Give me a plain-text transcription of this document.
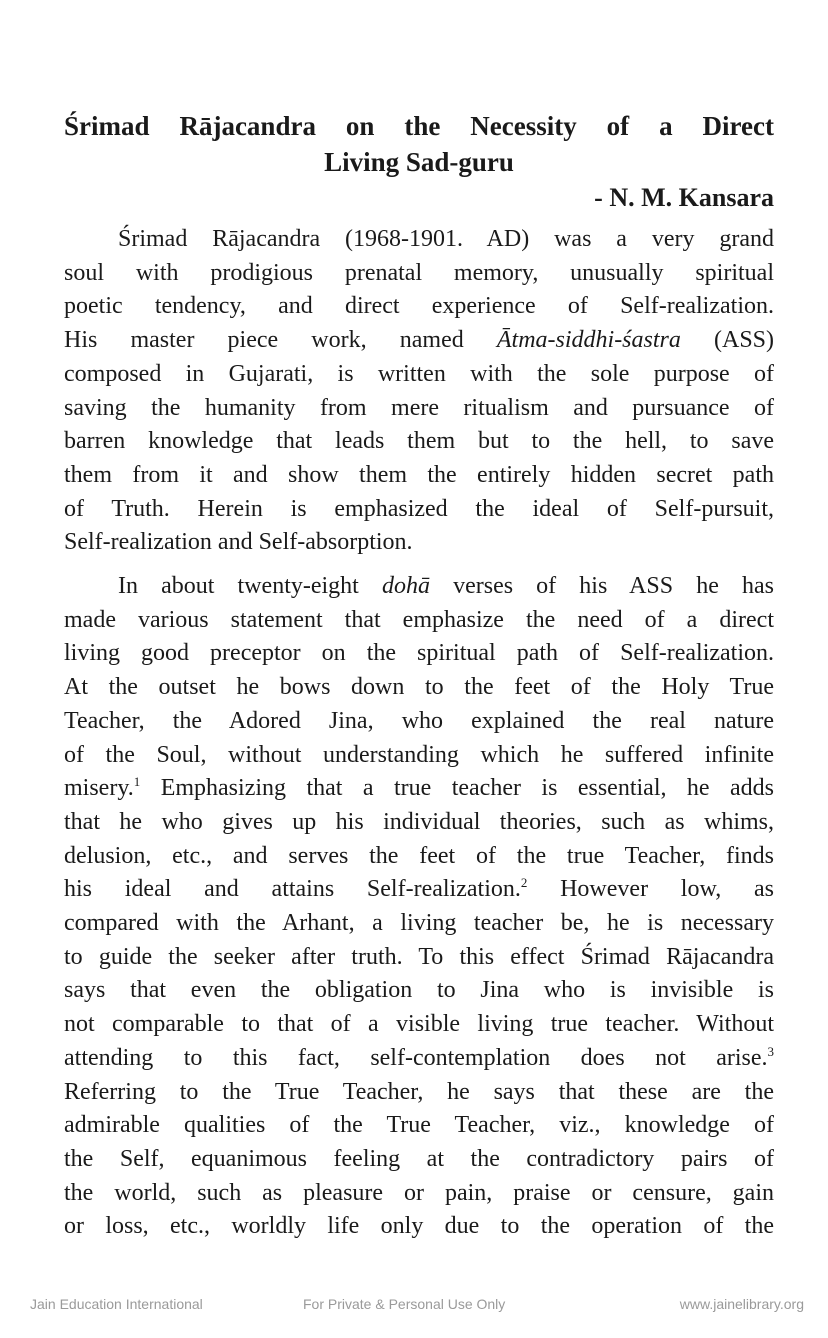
Śrimad Rājacandra on the Necessity of a Direct
Living Sad-guru
- N. M. Kansara
Śrimad Rājacandra (1968-1901. AD) was a very grand
soul with prodigious prenatal memory, unusually spiritual
poetic tendency, and direct experience of Self-realization.
His master piece work, named Ātma-siddhi-śastra (ASS)
composed in Gujarati, is written with the sole purpose of
saving the humanity from mere ritualism and pursuance of
barren knowledge that leads them but to the hell, to save
them from it and show them the entirely hidden secret path
of Truth. Herein is emphasized the ideal of Self-pursuit,
Self-realization and Self-absorption.
In about twenty-eight dohā verses of his ASS he has
made various statement that emphasize the need of a direct
living good preceptor on the spiritual path of Self-realization.
At the outset he bows down to the feet of the Holy True
Teacher, the Adored Jina, who explained the real nature
of the Soul, without understanding which he suffered infinite
misery.$^1$ Emphasizing that a true teacher is essential, he adds
that he who gives up his individual theories, such as whims,
delusion, etc., and serves the feet of the true Teacher, finds
his ideal and attains Self-realization.$^2$ However low, as
compared with the Arhant, a living teacher be, he is necessary
to guide the seeker after truth. To this effect Śrimad Rājacandra
says that even the obligation to Jina who is invisible is
not comparable to that of a visible living true teacher. Without
attending to this fact, self-contemplation does not arise.$^3$
Referring to the True Teacher, he says that these are the
admirable qualities of the True Teacher, viz., knowledge of
the Self, equanimous feeling at the contradictory pairs of
the world, such as pleasure or pain, praise or censure, gain
or loss, etc., worldly life only due to the operation of the
Jain Education International	For Private & Personal Use Only	www.jainelibrary.org
